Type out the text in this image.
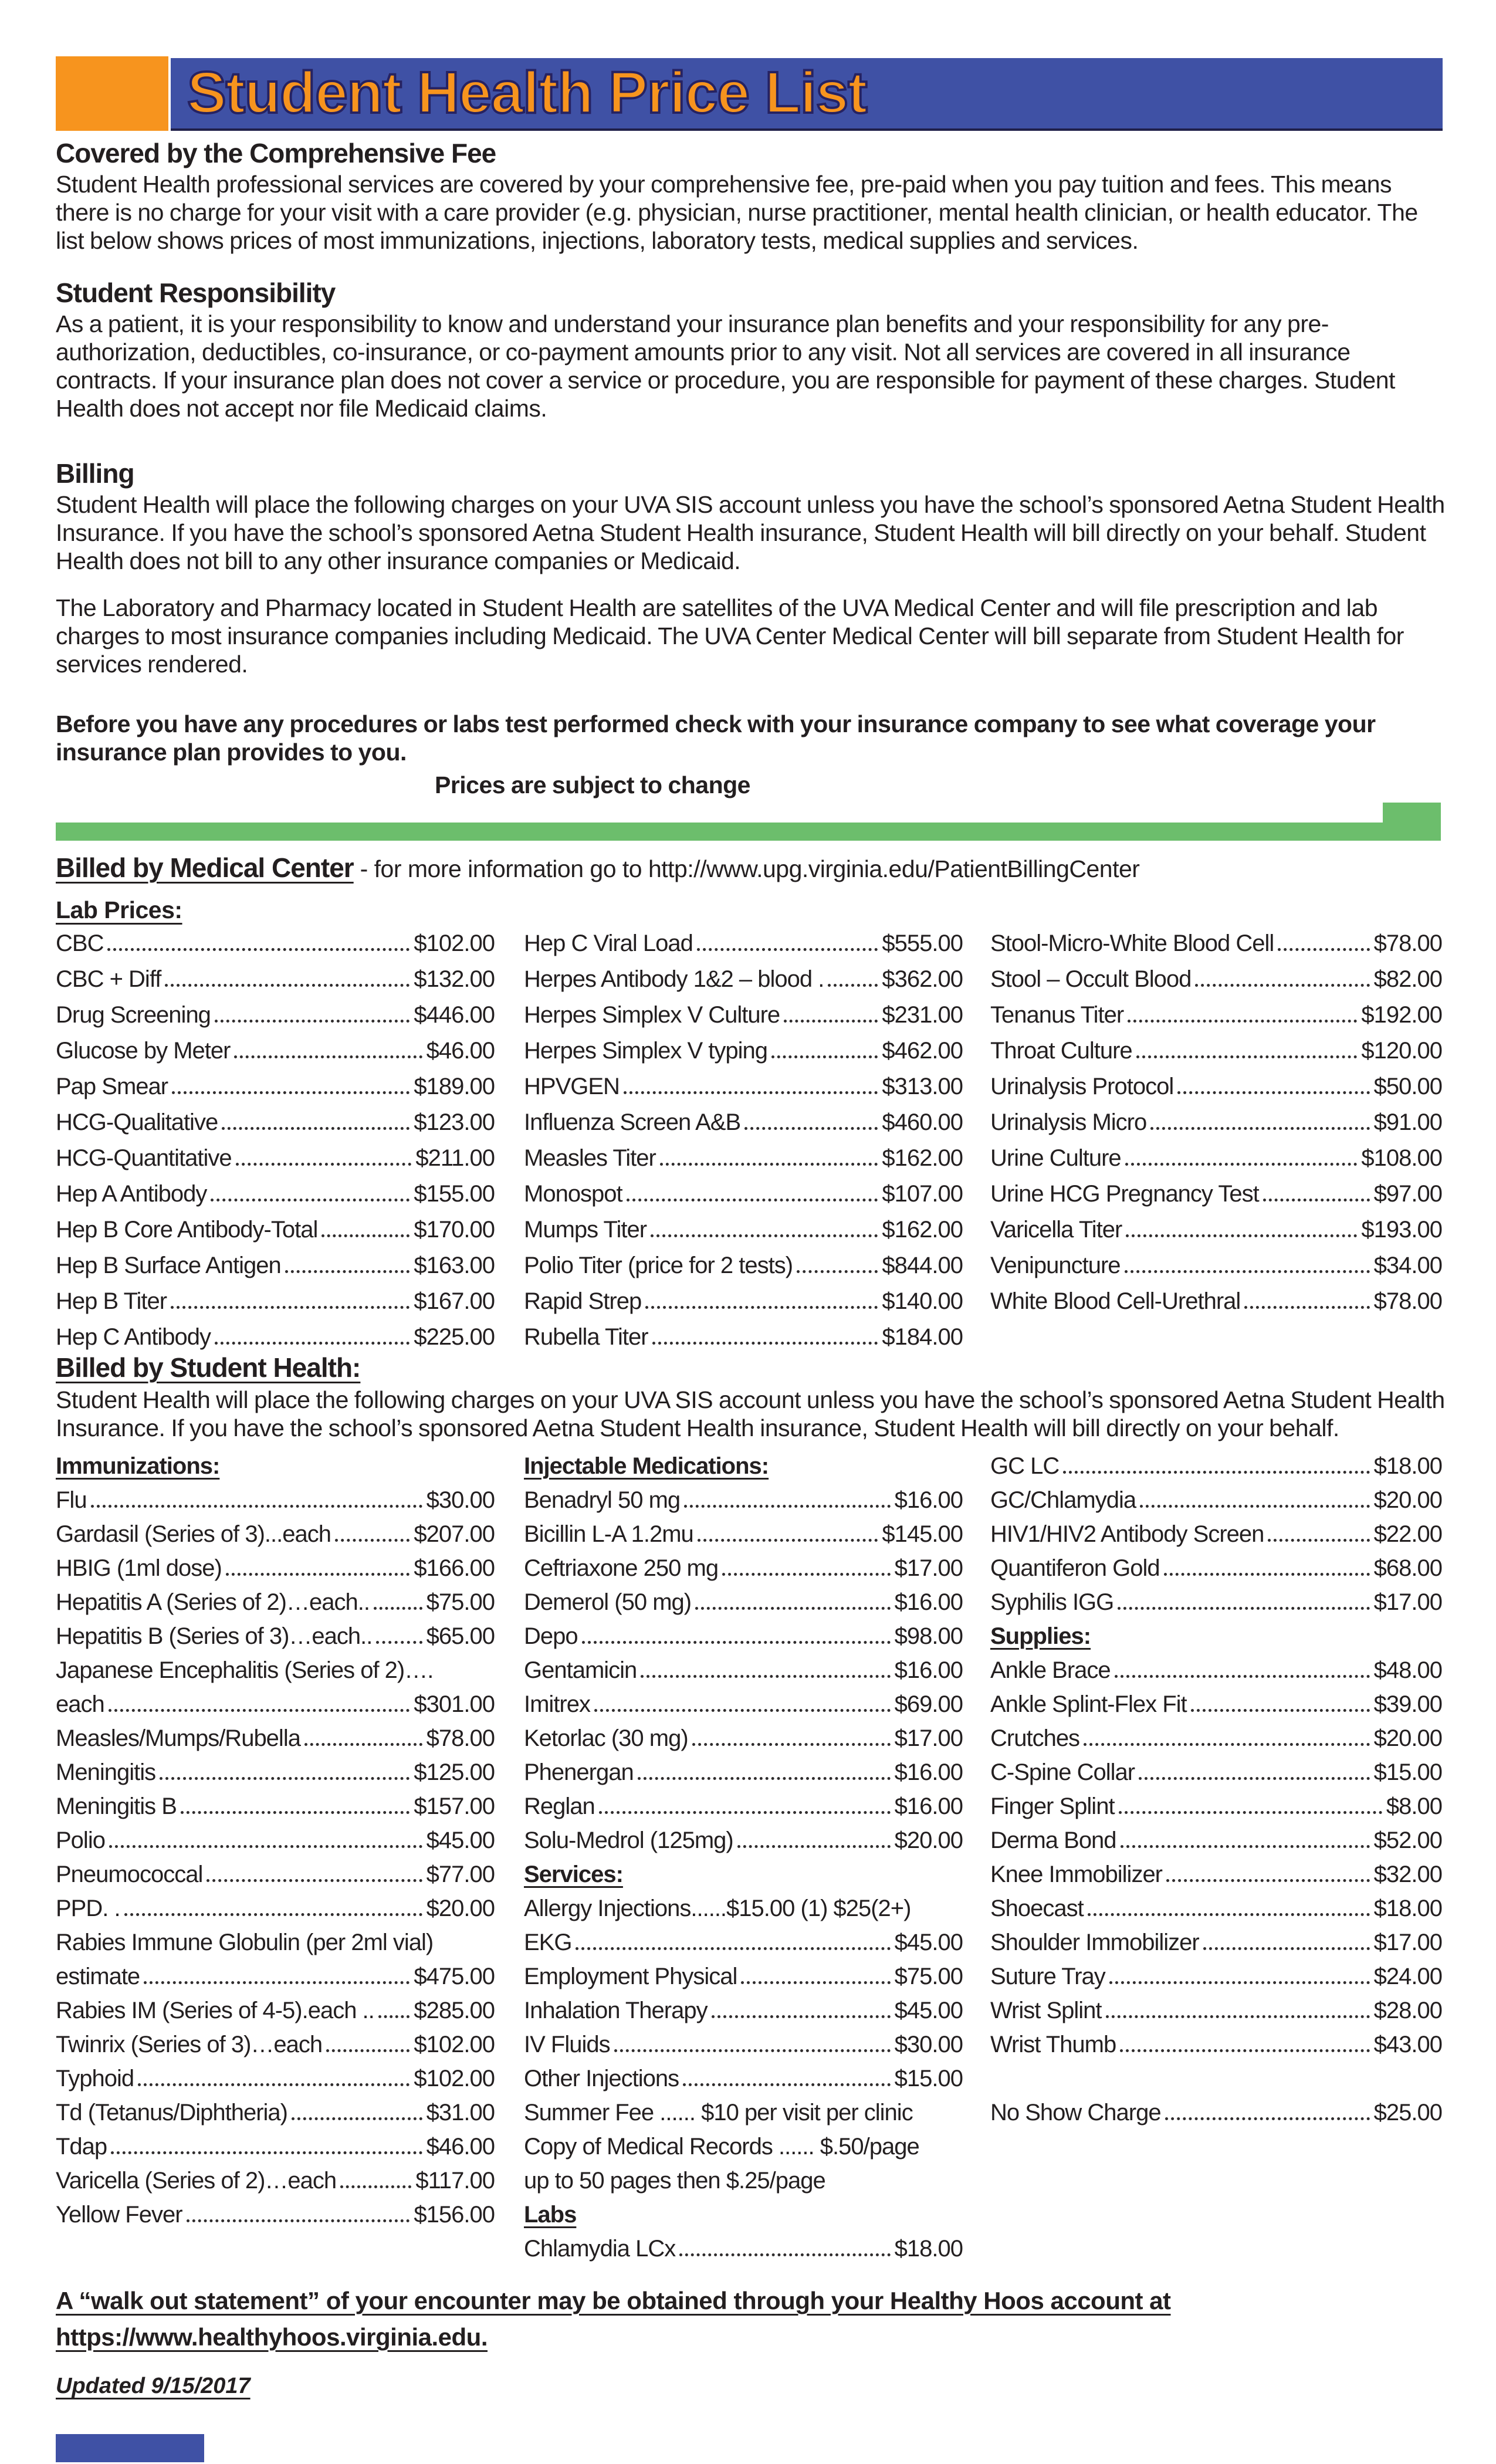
Student Health Price List
Covered by the Comprehensive Fee

Student Health professional services are covered by your comprehensive fee, pre-paid when you pay tuition and fees. This means there is no charge for your visit with a care provider (e.g. physician, nurse practitioner, mental health clinician, or health educator. The list below shows prices of most immunizations, injections, laboratory tests, medical supplies and services.

Student Responsibility

As a patient, it is your responsibility to know and understand your insurance plan benefits and your responsibility for any pre-authorization, deductibles, co-insurance, or co-payment amounts prior to any visit. Not all services are covered in all insurance contracts. If your insurance plan does not cover a service or procedure, you are responsible for payment of these charges. Student Health does not accept nor file Medicaid claims.

Billing

Student Health will place the following charges on your UVA SIS account unless you have the school’s sponsored Aetna Student Health Insurance. If you have the school’s sponsored Aetna Student Health insurance, Student Health will bill directly on your behalf. Student Health does not bill to any other insurance companies or Medicaid.

The Laboratory and Pharmacy located in Student Health are satellites of the UVA Medical Center and will file prescription and lab charges to most insurance companies including Medicaid. The UVA Center Medical Center will bill separate from Student Health for services rendered.

Before you have any procedures or labs test performed check with your insurance company to see what coverage your insurance plan provides to you.

Prices are subject to change

Billed by Medical Center - for more information go to http://www.upg.virginia.edu/PatientBillingCenter
Lab Prices:
CBC	$102.00
CBC + Diff	$132.00
Drug Screening	$446.00
Glucose by Meter	$46.00
Pap Smear	$189.00
HCG-Qualitative	$123.00
HCG-Quantitative	$211.00
Hep A Antibody	$155.00
Hep B Core Antibody-Total	$170.00
Hep B Surface Antigen	$163.00
Hep B Titer	$167.00
Hep C Antibody	$225.00
Hep C Viral Load	$555.00
Herpes Antibody 1&2 – blood . $362.00
Herpes Simplex V Culture	$231.00
Herpes Simplex V typing	$462.00
HPVGEN	$313.00
Influenza Screen A&B	$460.00
Measles Titer	$162.00
Monospot	$107.00
Mumps Titer	$162.00
Polio Titer (price for 2 tests)	$844.00
Rapid Strep	$140.00
Rubella Titer	$184.00
Stool-Micro-White Blood Cell	$78.00
Stool – Occult Blood	$82.00
Tenanus Titer	$192.00
Throat Culture	$120.00
Urinalysis Protocol	$50.00
Urinalysis Micro	$91.00
Urine Culture	$108.00
Urine HCG Pregnancy Test	$97.00
Varicella Titer	$193.00
Venipuncture	$34.00
White Blood Cell-Urethral	$78.00
Billed by Student Health:

Student Health will place the following charges on your UVA SIS account unless you have the school’s sponsored Aetna Student Health Insurance. If you have the school’s sponsored Aetna Student Health insurance, Student Health will bill directly on your behalf.

Immunizations:
Flu	$30.00
Gardasil (Series of 3)...each	$207.00
HBIG (1ml dose)	$166.00
Hepatitis A (Series of 2)…each.. $75.00
Hepatitis B (Series of 3)…each.. $65.00
Japanese Encephalitis (Series of 2)….
each	$301.00
Measles/Mumps/Rubella	$78.00
Meningitis	$125.00
Meningitis B	$157.00
Polio	$45.00
Pneumococcal	$77.00
PPD. .	$20.00
Rabies Immune Globulin (per 2ml vial)
estimate	$475.00
Rabies IM (Series of 4-5).each .. $285.00
Twinrix (Series of 3)…each	$102.00
Typhoid	$102.00
Td (Tetanus/Diphtheria)	$31.00
Tdap	$46.00
Varicella (Series of 2)…each	$117.00
Yellow Fever	$156.00
Injectable Medications:
Benadryl 50 mg	$16.00
Bicillin L-A 1.2mu	$145.00
Ceftriaxone 250 mg	$17.00
Demerol (50 mg)	$16.00
Depo	$98.00
Gentamicin	$16.00
Imitrex	$69.00
Ketorlac (30 mg)	$17.00
Phenergan	$16.00
Reglan	$16.00
Solu-Medrol (125mg)	$20.00
Services:
Allergy Injections......$15.00 (1) $25(2+)
EKG	$45.00
Employment Physical	$75.00
Inhalation Therapy	$45.00
IV Fluids	$30.00
Other Injections	$15.00
Summer Fee ...... $10 per visit per clinic
Copy of Medical Records ...... $.50/page
up to 50 pages then $.25/page
Labs
Chlamydia LCx	$18.00
GC LC	$18.00
GC/Chlamydia	$20.00
HIV1/HIV2 Antibody Screen	$22.00
Quantiferon Gold	$68.00
Syphilis IGG	$17.00
Supplies:
Ankle Brace	$48.00
Ankle Splint-Flex Fit	$39.00
Crutches	$20.00
C-Spine Collar	$15.00
Finger Splint	$8.00
Derma Bond	$52.00
Knee Immobilizer	$32.00
Shoecast	$18.00
Shoulder Immobilizer	$17.00
Suture Tray	$24.00
Wrist Splint	$28.00
Wrist Thumb	$43.00
No Show Charge	$25.00
A “walk out statement” of your encounter may be obtained through your Healthy Hoos account at
https://www.healthyhoos.virginia.edu.
Updated 9/15/2017
